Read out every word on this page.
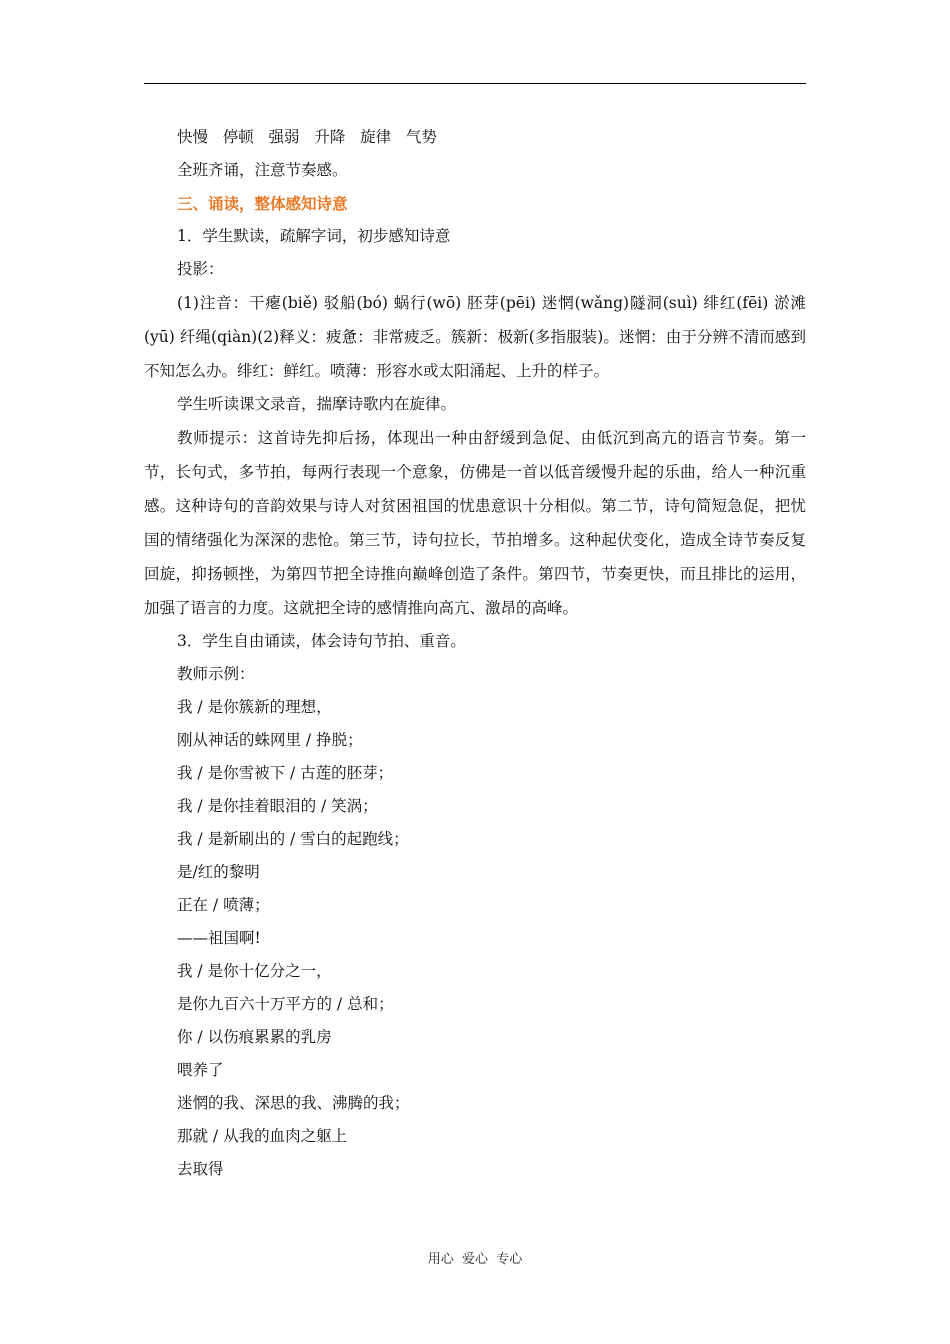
快慢   停顿   强弱   升降   旋律   气势
全班齐诵，注意节奏感。
三、诵读，整体感知诗意
1．学生默读，疏解字词，初步感知诗意
投影：

(1)注音：干瘪(biě) 驳船(bó) 蜗行(wō) 胚芽(pēi) 迷惘(wǎng)隧洞(suì) 绯红(fēi) 淤滩(yū) 纤绳(qiàn)(2)释义：疲惫：非常疲乏。簇新：极新(多指服装)。迷惘：由于分辨不清而感到不知怎么办。绯红：鲜红。喷薄：形容水或太阳涌起、上升的样子。

学生听读课文录音，揣摩诗歌内在旋律。

教师提示：这首诗先抑后扬，体现出一种由舒缓到急促、由低沉到高亢的语言节奏。第一节，长句式，多节拍，每两行表现一个意象，仿佛是一首以低音缓慢升起的乐曲，给人一种沉重感。这种诗句的音韵效果与诗人对贫困祖国的忧患意识十分相似。第二节，诗句简短急促，把忧国的情绪强化为深深的悲怆。第三节，诗句拉长，节拍增多。这种起伏变化，造成全诗节奏反复回旋，抑扬顿挫，为第四节把全诗推向巅峰创造了条件。第四节，节奏更快，而且排比的运用，加强了语言的力度。这就把全诗的感情推向高亢、激昂的高峰。

3．学生自由诵读，体会诗句节拍、重音。
教师示例：
我 / 是你簇新的理想，
刚从神话的蛛网里 / 挣脱；
我 / 是你雪被下 / 古莲的胚芽；
我 / 是你挂着眼泪的 / 笑涡；
我 / 是新刷出的 / 雪白的起跑线；
是/红的黎明
正在 / 喷薄；
——祖国啊!
我 / 是你十亿分之一，
是你九百六十万平方的 / 总和；
你 / 以伤痕累累的乳房
喂养了
迷惘的我、深思的我、沸腾的我；
那就 / 从我的血肉之躯上
去取得
用心  爱心  专心
